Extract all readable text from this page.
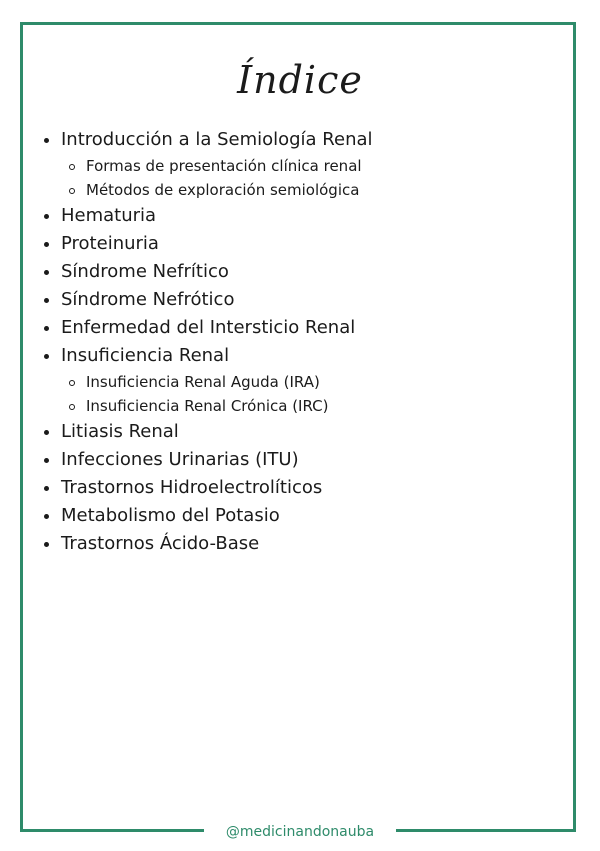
Índice
Introducción a la Semiología Renal
Formas de presentación clínica renal
Métodos de exploración semiológica
Hematuria
Proteinuria
Síndrome Nefrítico
Síndrome Nefrótico
Enfermedad del Intersticio Renal
Insuficiencia Renal
Insuficiencia Renal Aguda (IRA)
Insuficiencia Renal Crónica (IRC)
Litiasis Renal
Infecciones Urinarias (ITU)
Trastornos Hidroelectrolíticos
Metabolismo del Potasio
Trastornos Ácido-Base
@medicinandonauba
